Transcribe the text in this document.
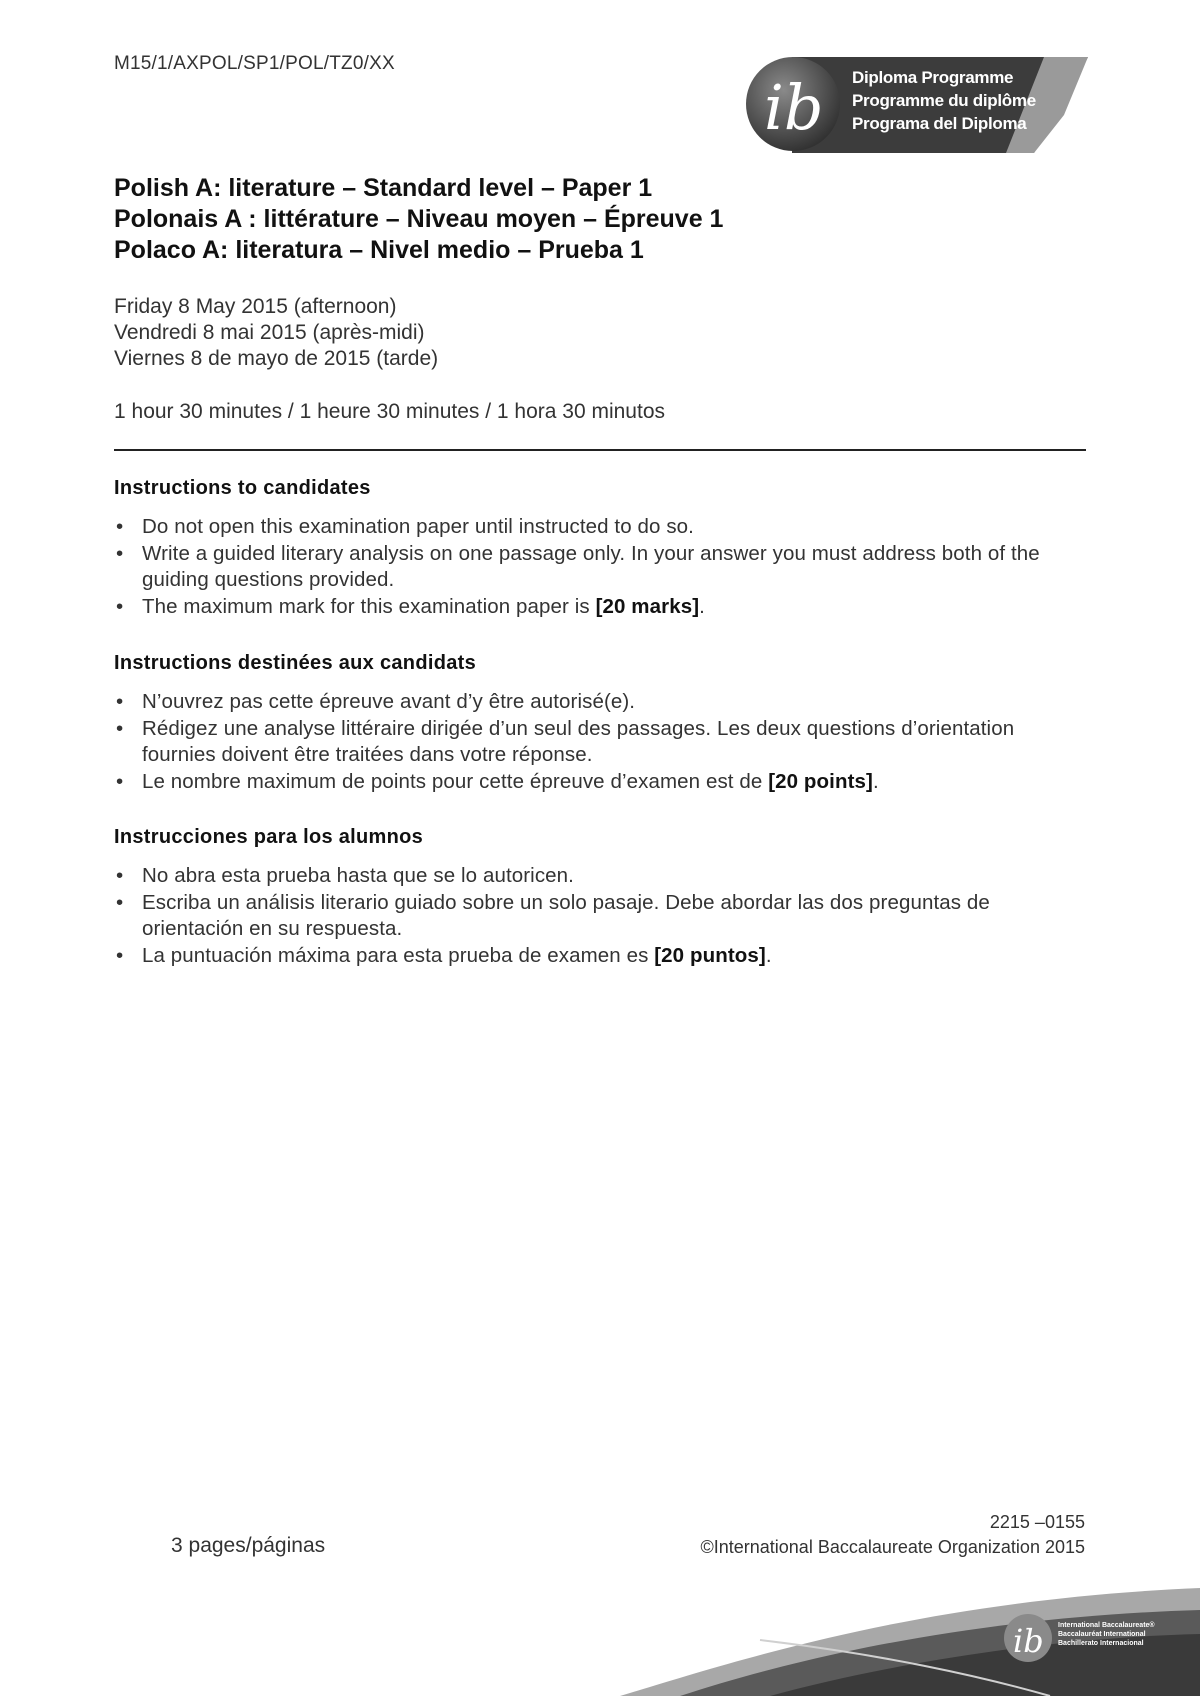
M15/1/AXPOL/SP1/POL/TZ0/XX
ib Diploma Programme
Programme du diplôme
Programa del Diploma
Polish A: literature – Standard level – Paper 1
Polonais A : littérature – Niveau moyen – Épreuve 1
Polaco A: literatura – Nivel medio – Prueba 1
Friday 8 May 2015 (afternoon)
Vendredi 8 mai 2015 (après-midi)
Viernes 8 de mayo de 2015 (tarde)
1 hour 30 minutes / 1 heure 30 minutes / 1 hora 30 minutos
Instructions to candidates
• Do not open this examination paper until instructed to do so.
• Write a guided literary analysis on one passage only. In your answer you must address both of the guiding questions provided.
• The maximum mark for this examination paper is [20 marks].
Instructions destinées aux candidats
• N’ouvrez pas cette épreuve avant d’y être autorisé(e).
• Rédigez une analyse littéraire dirigée d’un seul des passages. Les deux questions d’orientation fournies doivent être traitées dans votre réponse.
• Le nombre maximum de points pour cette épreuve d’examen est de [20 points].
Instrucciones para los alumnos
• No abra esta prueba hasta que se lo autoricen.
• Escriba un análisis literario guiado sobre un solo pasaje. Debe abordar las dos preguntas de orientación en su respuesta.
• La puntuación máxima para esta prueba de examen es [20 puntos].
3 pages/páginas
2215 –0155
©International Baccalaureate Organization 2015
ib International Baccalaureate®
Baccalauréat International
Bachillerato Internacional
